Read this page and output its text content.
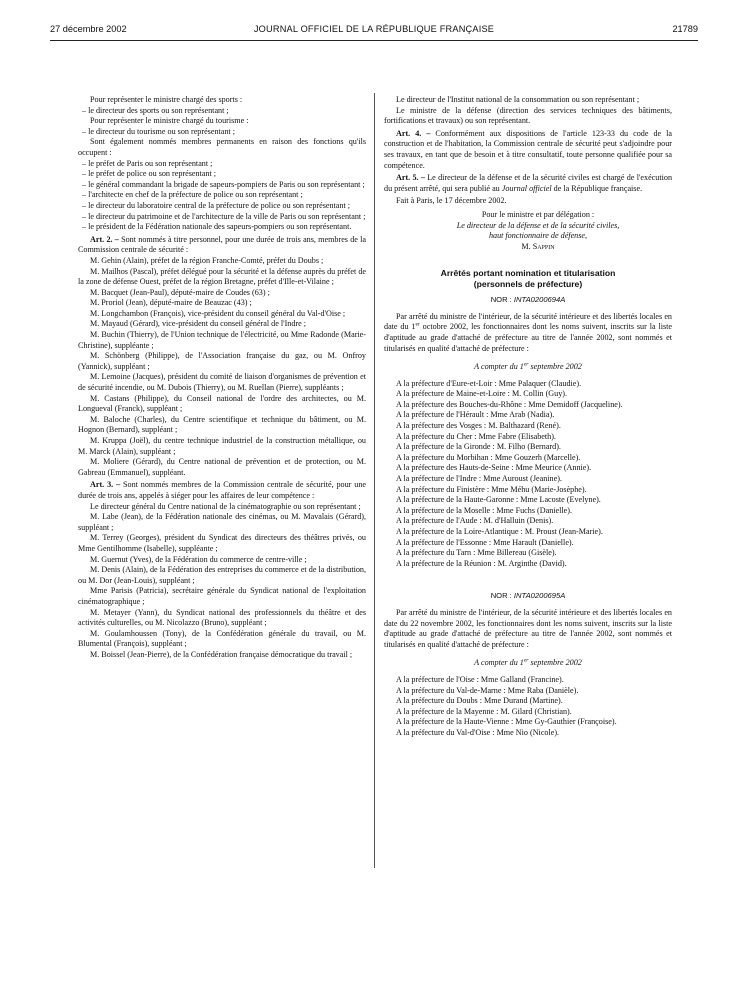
27 décembre 2002	JOURNAL OFFICIEL DE LA RÉPUBLIQUE FRANÇAISE	21789

Pour représenter le ministre chargé des sports :

– le directeur des sports ou son représentant ;

Pour représenter le ministre chargé du tourisme :

– le directeur du tourisme ou son représentant ;

Sont également nommés membres permanents en raison des fonctions qu'ils occupent :

– le préfet de Paris ou son représentant ;

– le préfet de police ou son représentant ;

– le général commandant la brigade de sapeurs-pompiers de Paris ou son représentant ;

– l'architecte en chef de la préfecture de police ou son représentant ;

– le directeur du laboratoire central de la préfecture de police ou son représentant ;

– le directeur du patrimoine et de l'architecture de la ville de Paris ou son représentant ;

– le président de la Fédération nationale des sapeurs-pompiers ou son représentant.

Art. 2. – Sont nommés à titre personnel, pour une durée de trois ans, membres de la Commission centrale de sécurité :

M. Gehin (Alain), préfet de la région Franche-Comté, préfet du Doubs ;

M. Mailhos (Pascal), préfet délégué pour la sécurité et la défense auprès du préfet de la zone de défense Ouest, préfet de la région Bretagne, préfet d'Ille-et-Vilaine ;

M. Bacquet (Jean-Paul), député-maire de Coudes (63) ;

M. Proriol (Jean), député-maire de Beauzac (43) ;

M. Longchambon (François), vice-président du conseil général du Val-d'Oise ;

M. Mayaud (Gérard), vice-président du conseil général de l'Indre ;

M. Buchin (Thierry), de l'Union technique de l'électricité, ou Mme Radonde (Marie-Christine), suppléante ;

M. Schönberg (Philippe), de l'Association française du gaz, ou M. Onfroy (Yannick), suppléant ;

M. Lemoine (Jacques), président du comité de liaison d'organismes de prévention et de sécurité incendie, ou M. Dubois (Thierry), ou M. Ruellan (Pierre), suppléants ;

M. Castans (Philippe), du Conseil national de l'ordre des architectes, ou M. Longueval (Franck), suppléant ;

M. Baloche (Charles), du Centre scientifique et technique du bâtiment, ou M. Hognon (Bernard), suppléant ;

M. Kruppa (Joël), du centre technique industriel de la construction métallique, ou M. Marck (Alain), suppléant ;

M. Moliere (Gérard), du Centre national de prévention et de protection, ou M. Gabreau (Emmanuel), suppléant.

Art. 3. – Sont nommés membres de la Commission centrale de sécurité, pour une durée de trois ans, appelés à siéger pour les affaires de leur compétence :

Le directeur général du Centre national de la cinématographie ou son représentant ;

M. Labe (Jean), de la Fédération nationale des cinémas, ou M. Mavalais (Gérard), suppléant ;

M. Terrey (Georges), président du Syndicat des directeurs des théâtres privés, ou Mme Gentilhomme (Isabelle), suppléante ;

M. Guernut (Yves), de la Fédération du commerce de centre-ville ;

M. Denis (Alain), de la Fédération des entreprises du commerce et de la distribution, ou M. Dor (Jean-Louis), suppléant ;

Mme Parisis (Patricia), secrétaire générale du Syndicat national de l'exploitation cinématographique ;

M. Metayer (Yann), du Syndicat national des professionnels du théâtre et des activités culturelles, ou M. Nicolazzo (Bruno), suppléant ;

M. Goulamhoussen (Tony), de la Confédération générale du travail, ou M. Blumental (François), suppléant ;

M. Boissel (Jean-Pierre), de la Confédération française démocratique du travail ;

Le directeur de l'Institut national de la consommation ou son représentant ;

Le ministre de la défense (direction des services techniques des bâtiments, fortifications et travaux) ou son représentant.

Art. 4. – Conformément aux dispositions de l'article 123-33 du code de la construction et de l'habitation, la Commission centrale de sécurité peut s'adjoindre pour ses travaux, en tant que de besoin et à titre consultatif, toute personne qualifiée pour sa compétence.

Art. 5. – Le directeur de la défense et de la sécurité civiles est chargé de l'exécution du présent arrêté, qui sera publié au Journal officiel de la République française.

Fait à Paris, le 17 décembre 2002.

Pour le ministre et par délégation :

Le directeur de la défense et de la sécurité civiles,

haut fonctionnaire de défense,

M. Sappin

Arrêtés portant nomination et titularisation
(personnels de préfecture)
NOR : INTA0200694A

Par arrêté du ministre de l'intérieur, de la sécurité intérieure et des libertés locales en date du 1er octobre 2002, les fonctionnaires dont les noms suivent, inscrits sur la liste d'aptitude au grade d'attaché de préfecture au titre de l'année 2002, sont nommés et titularisés en qualité d'attaché de préfecture :

A compter du 1er septembre 2002

A la préfecture d'Eure-et-Loir : Mme Palaquer (Claudie).

A la préfecture de Maine-et-Loire : M. Collin (Guy).

A la préfecture des Bouches-du-Rhône : Mme Demidoff (Jacqueline).

A la préfecture de l'Hérault : Mme Arab (Nadia).

A la préfecture des Vosges : M. Balthazard (René).

A la préfecture du Cher : Mme Fabre (Elisabeth).

A la préfecture de la Gironde : M. Filho (Bernard).

A la préfecture du Morbihan : Mme Gouzerh (Marcelle).

A la préfecture des Hauts-de-Seine : Mme Meurice (Annie).

A la préfecture de l'Indre : Mme Auroust (Jeanine).

A la préfecture du Finistère : Mme Méhu (Marie-Josèphe).

A la préfecture de la Haute-Garonne : Mme Lacoste (Evelyne).

A la préfecture de la Moselle : Mme Fuchs (Danielle).

A la préfecture de l'Aude : M. d'Halluin (Denis).

A la préfecture de la Loire-Atlantique : M. Proust (Jean-Marie).

A la préfecture de l'Essonne : Mme Harault (Danielle).

A la préfecture du Tarn : Mme Billereau (Gisèle).

A la préfecture de la Réunion : M. Arginthe (David).

NOR : INTA0200695A

Par arrêté du ministre de l'intérieur, de la sécurité intérieure et des libertés locales en date du 22 novembre 2002, les fonctionnaires dont les noms suivent, inscrits sur la liste d'aptitude au grade d'attaché de préfecture au titre de l'année 2002, sont nommés et titularisés en qualité d'attaché de préfecture :

A compter du 1er septembre 2002

A la préfecture de l'Oise : Mme Galland (Francine).

A la préfecture du Val-de-Marne : Mme Raba (Danièle).

A la préfecture du Doubs : Mme Durand (Martine).

A la préfecture de la Mayenne : M. Gilard (Christian).

A la préfecture de la Haute-Vienne : Mme Gy-Gauthier (Françoise).

A la préfecture du Val-d'Oise : Mme Nio (Nicole).
